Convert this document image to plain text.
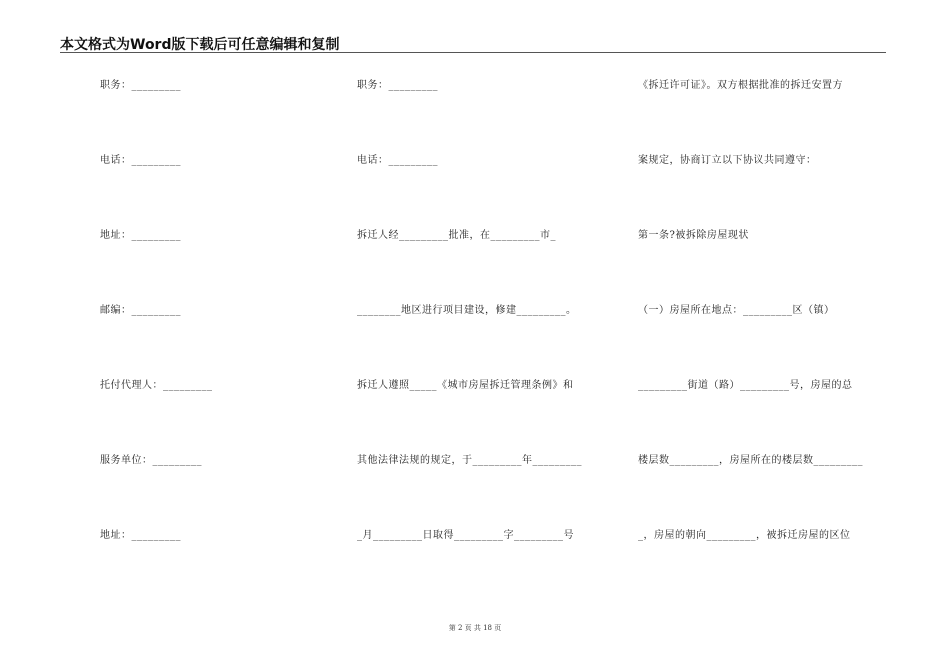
本文格式为Word版下载后可任意编辑和复制
职务：_________
电话：_________
地址：_________
邮编：_________
托付代理人：_________
服务单位：_________
地址：_________
职务：_________
电话：_________
拆迁人经_________批准，在_________市_
________地区进行项目建设，修建_________。
拆迁人遵照_____《城市房屋拆迁管理条例》和
其他法律法规的规定，于_________年_________
_月_________日取得_________字_________号
《拆迁许可证》。双方根据批准的拆迁安置方
案规定，协商订立以下协议共同遵守：
第一条?被拆除房屋现状
（一）房屋所在地点：_________区（镇）
_________街道（路）_________号，房屋的总
楼层数_________，房屋所在的楼层数_________
_，房屋的朝向_________，被拆迁房屋的区位
第 2 页 共 18 页
